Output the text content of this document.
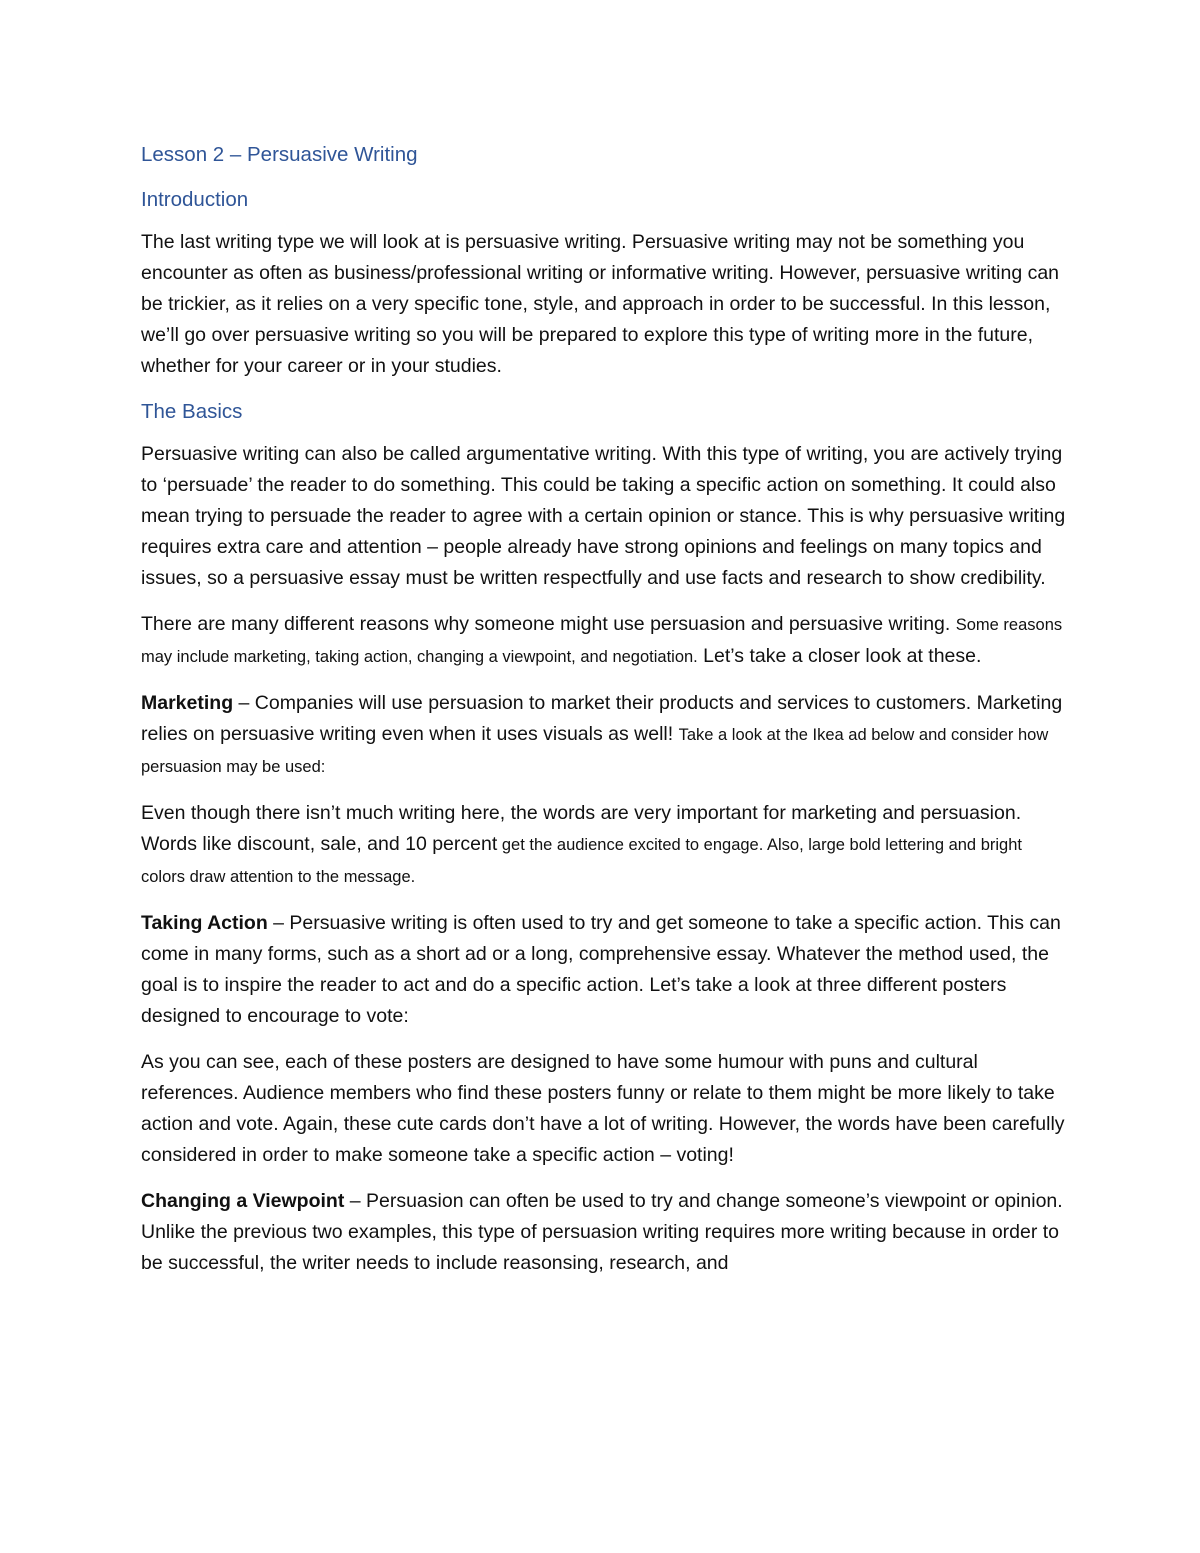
Lesson 2 – Persuasive Writing
Introduction

The last writing type we will look at is persuasive writing. Persuasive writing may not be something you encounter as often as business/professional writing or informative writing. However, persuasive writing can be trickier, as it relies on a very specific tone, style, and approach in order to be successful. In this lesson, we’ll go over persuasive writing so you will be prepared to explore this type of writing more in the future, whether for your career or in your studies.

The Basics

Persuasive writing can also be called argumentative writing. With this type of writing, you are actively trying to ‘persuade’ the reader to do something. This could be taking a specific action on something. It could also mean trying to persuade the reader to agree with a certain opinion or stance. This is why persuasive writing requires extra care and attention – people already have strong opinions and feelings on many topics and issues, so a persuasive essay must be written respectfully and use facts and research to show credibility.

There are many different reasons why someone might use persuasion and persuasive writing. Some reasons may include marketing, taking action, changing a viewpoint, and negotiation. Let’s take a closer look at these.

Marketing – Companies will use persuasion to market their products and services to customers. Marketing relies on persuasive writing even when it uses visuals as well! Take a look at the Ikea ad below and consider how persuasion may be used:

Even though there isn’t much writing here, the words are very important for marketing and persuasion. Words like discount, sale, and 10 percent get the audience excited to engage. Also, large bold lettering and bright colors draw attention to the message.

Taking Action – Persuasive writing is often used to try and get someone to take a specific action. This can come in many forms, such as a short ad or a long, comprehensive essay. Whatever the method used, the goal is to inspire the reader to act and do a specific action. Let’s take a look at three different posters designed to encourage to vote:

As you can see, each of these posters are designed to have some humour with puns and cultural references. Audience members who find these posters funny or relate to them might be more likely to take action and vote. Again, these cute cards don’t have a lot of writing. However, the words have been carefully considered in order to make someone take a specific action – voting!

Changing a Viewpoint – Persuasion can often be used to try and change someone’s viewpoint or opinion. Unlike the previous two examples, this type of persuasion writing requires more writing because in order to be successful, the writer needs to include reasonsing, research, and
